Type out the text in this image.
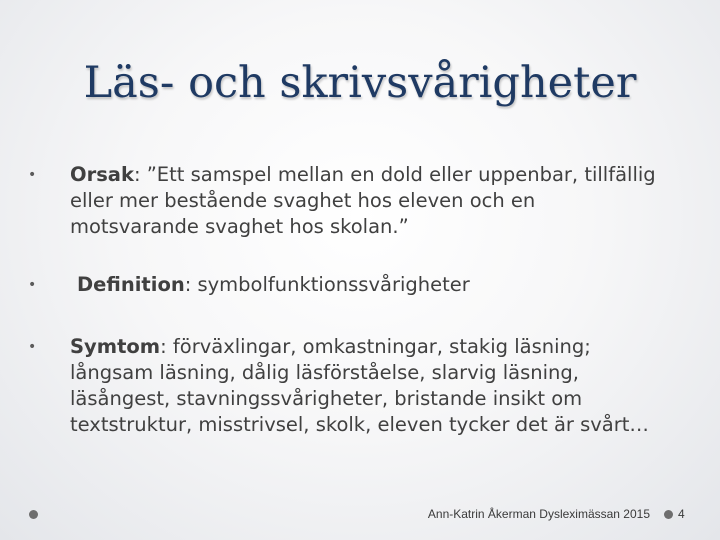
Läs- och skrivsvårigheter
• Orsak: ”Ett samspel mellan en dold eller uppenbar, tillfällig eller mer bestående svaghet hos eleven och en motsvarande svaghet hos skolan.”
• Definition: symbolfunktionssvårigheter
• Symtom: förväxlingar, omkastningar, stakig läsning; långsam läsning, dålig läsförståelse, slarvig läsning, läsångest, stavningssvårigheter, bristande insikt om textstruktur, misstrivsel, skolk, eleven tycker det är svårt…
Ann-Katrin Åkerman Dysleximässan 2015 4
